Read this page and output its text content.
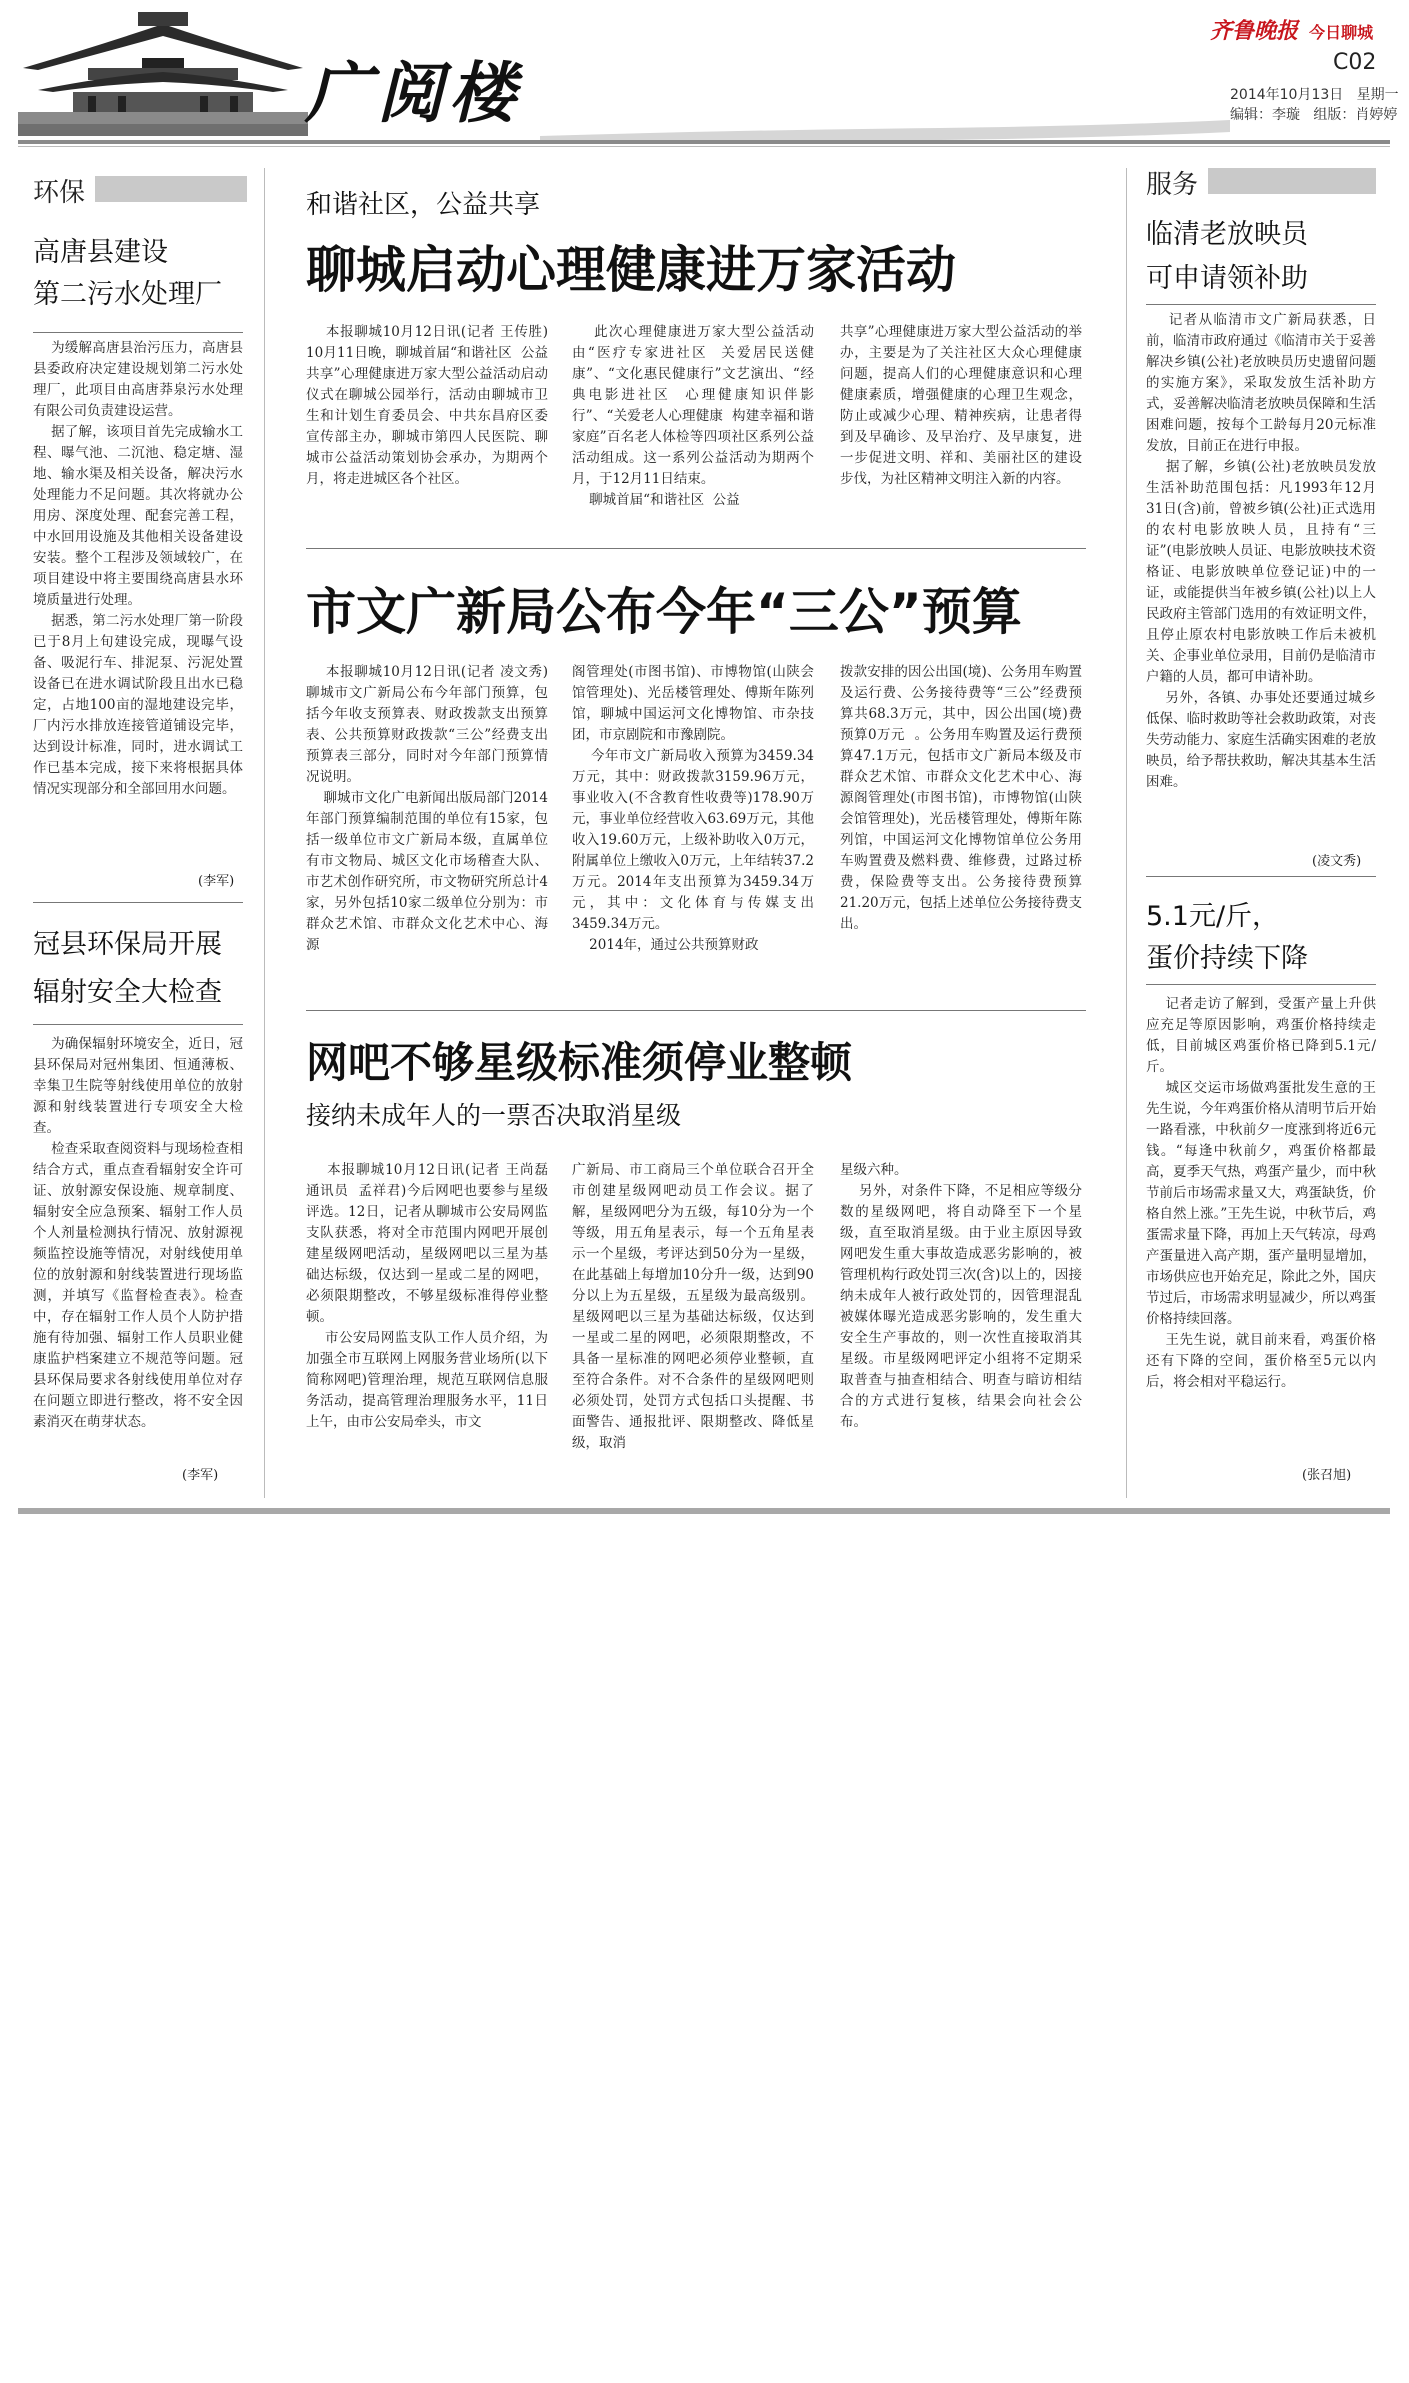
广阅楼
齐鲁晚报 今日聊城
C02
2014年10月13日   星期一
编辑：李璇   组版：肖婷婷
环保
高唐县建设
第二污水处理厂

为缓解高唐县治污压力，高唐县县委政府决定建设规划第二污水处理厂，此项目由高唐莽泉污水处理有限公司负责建设运营。
据了解，该项目首先完成输水工程、曝气池、二沉池、稳定塘、湿地、输水渠及相关设备，解决污水处理能力不足问题。其次将就办公用房、深度处理、配套完善工程，中水回用设施及其他相关设备建设安装。整个工程涉及领域较广，在项目建设中将主要围绕高唐县水环境质量进行处理。
据悉，第二污水处理厂第一阶段已于8月上旬建设完成，现曝气设备、吸泥行车、排泥泵、污泥处置设备已在进水调试阶段且出水已稳定，占地100亩的湿地建设完毕，厂内污水排放连接管道铺设完毕，达到设计标准，同时，进水调试工作已基本完成，接下来将根据具体情况实现部分和全部回用水问题。

(李军)
冠县环保局开展
辐射安全大检查

为确保辐射环境安全，近日，冠县环保局对冠州集团、恒通薄板、幸集卫生院等射线使用单位的放射源和射线装置进行专项安全大检查。
检查采取查阅资料与现场检查相结合方式，重点查看辐射安全许可证、放射源安保设施、规章制度、辐射安全应急预案、辐射工作人员个人剂量检测执行情况、放射源视频监控设施等情况，对射线使用单位的放射源和射线装置进行现场监测，并填写《监督检查表》。检查中，存在辐射工作人员个人防护措施有待加强、辐射工作人员职业健康监护档案建立不规范等问题。冠县环保局要求各射线使用单位对存在问题立即进行整改，将不安全因素消灭在萌芽状态。

(李军)
服务
临清老放映员
可申请领补助

记者从临清市文广新局获悉，日前，临清市政府通过《临清市关于妥善解决乡镇(公社)老放映员历史遗留问题的实施方案》，采取发放生活补助方式，妥善解决临清老放映员保障和生活困难问题，按每个工龄每月20元标准发放，目前正在进行申报。
据了解，乡镇(公社)老放映员发放生活补助范围包括：凡1993年12月31日(含)前，曾被乡镇(公社)正式选用的农村电影放映人员，且持有“三证”(电影放映人员证、电影放映技术资格证、电影放映单位登记证)中的一证，或能提供当年被乡镇(公社)以上人民政府主管部门选用的有效证明文件，且停止原农村电影放映工作后未被机关、企事业单位录用，目前仍是临清市户籍的人员，都可申请补助。
另外，各镇、办事处还要通过城乡低保、临时救助等社会救助政策，对丧失劳动能力、家庭生活确实困难的老放映员，给予帮扶救助，解决其基本生活困难。

(凌文秀)
5.1元/斤，
蛋价持续下降

记者走访了解到，受蛋产量上升供应充足等原因影响，鸡蛋价格持续走低，目前城区鸡蛋价格已降到5.1元/斤。
城区交运市场做鸡蛋批发生意的王先生说，今年鸡蛋价格从清明节后开始一路看涨，中秋前夕一度涨到将近6元钱。“每逢中秋前夕，鸡蛋价格都最高，夏季天气热，鸡蛋产量少，而中秋节前后市场需求量又大，鸡蛋缺货，价格自然上涨。”王先生说，中秋节后，鸡蛋需求量下降，再加上天气转凉，母鸡产蛋量进入高产期，蛋产量明显增加，市场供应也开始充足，除此之外，国庆节过后，市场需求明显减少，所以鸡蛋价格持续回落。
王先生说，就目前来看，鸡蛋价格还有下降的空间，蛋价格至5元以内后，将会相对平稳运行。

(张召旭)
和谐社区，公益共享
聊城启动心理健康进万家活动

本报聊城10月12日讯(记者 王传胜)  10月11日晚，聊城首届“和谐社区  公益共享”心理健康进万家大型公益活动启动仪式在聊城公园举行，活动由聊城市卫生和计划生育委员会、中共东昌府区委宣传部主办，聊城市第四人民医院、聊城市公益活动策划协会承办，为期两个月，将走进城区各个社区。

此次心理健康进万家大型公益活动由“医疗专家进社区  关爱居民送健康”、“文化惠民健康行”文艺演出、“经典电影进社区  心理健康知识伴影行”、“关爱老人心理健康  构建幸福和谐家庭”百名老人体检等四项社区系列公益活动组成。这一系列公益活动为期两个月，于12月11日结束。
聊城首届“和谐社区  公益

共享”心理健康进万家大型公益活动的举办，主要是为了关注社区大众心理健康问题，提高人们的心理健康意识和心理健康素质，增强健康的心理卫生观念，防止或减少心理、精神疾病，让患者得到及早确诊、及早治疗、及早康复，进一步促进文明、祥和、美丽社区的建设步伐，为社区精神文明注入新的内容。

市文广新局公布今年“三公”预算

本报聊城10月12日讯(记者 凌文秀)  聊城市文广新局公布今年部门预算，包括今年收支预算表、财政拨款支出预算表、公共预算财政拨款“三公”经费支出预算表三部分，同时对今年部门预算情况说明。
聊城市文化广电新闻出版局部门2014年部门预算编制范围的单位有15家，包括一级单位市文广新局本级，直属单位有市文物局、城区文化市场稽查大队、市艺术创作研究所，市文物研究所总计4家，另外包括10家二级单位分别为：市群众艺术馆、市群众文化艺术中心、海源

阁管理处(市图书馆)、市博物馆(山陕会馆管理处)、光岳楼管理处、傅斯年陈列馆，聊城中国运河文化博物馆、市杂技团，市京剧院和市豫剧院。
今年市文广新局收入预算为3459.34万元，其中：财政拨款3159.96万元，事业收入(不含教育性收费等)178.90万元，事业单位经营收入63.69万元，其他收入19.60万元，上级补助收入0万元，附属单位上缴收入0万元，上年结转37.2万元。2014年支出预算为3459.34万元，其中：文化体育与传媒支出3459.34万元。
2014年，通过公共预算财政

拨款安排的因公出国(境)、公务用车购置及运行费、公务接待费等“三公”经费预算共68.3万元，其中，因公出国(境)费预算0万元  。公务用车购置及运行费预算47.1万元，包括市文广新局本级及市群众艺术馆、市群众文化艺术中心、海源阁管理处(市图书馆)，市博物馆(山陕会馆管理处)，光岳楼管理处，傅斯年陈列馆，中国运河文化博物馆单位公务用车购置费及燃料费、维修费，过路过桥费，保险费等支出。公务接待费预算21.20万元，包括上述单位公务接待费支出。

网吧不够星级标准须停业整顿
接纳未成年人的一票否决取消星级

本报聊城10月12日讯(记者 王尚磊  通讯员  孟祥君)今后网吧也要参与星级评选。12日，记者从聊城市公安局网监支队获悉，将对全市范围内网吧开展创建星级网吧活动，星级网吧以三星为基础达标级，仅达到一星或二星的网吧，必须限期整改，不够星级标准得停业整顿。
市公安局网监支队工作人员介绍，为加强全市互联网上网服务营业场所(以下简称网吧)管理治理，规范互联网信息服务活动，提高管理治理服务水平，11日上午，由市公安局牵头，市文

广新局、市工商局三个单位联合召开全市创建星级网吧动员工作会议。据了解，星级网吧分为五级，每10分为一个等级，用五角星表示，每一个五角星表示一个星级，考评达到50分为一星级，在此基础上每增加10分升一级，达到90分以上为五星级，五星级为最高级别。星级网吧以三星为基础达标级，仅达到一星或二星的网吧，必须限期整改，不具备一星标准的网吧必须停业整顿，直至符合条件。对不合条件的星级网吧则必须处罚，处罚方式包括口头提醒、书面警告、通报批评、限期整改、降低星级，取消

星级六种。
另外，对条件下降，不足相应等级分数的星级网吧，将自动降至下一个星级，直至取消星级。由于业主原因导致网吧发生重大事故造成恶劣影响的，被管理机构行政处罚三次(含)以上的，因接纳未成年人被行政处罚的，因管理混乱被媒体曝光造成恶劣影响的，发生重大安全生产事故的，则一次性直接取消其星级。市星级网吧评定小组将不定期采取普查与抽查相结合、明查与暗访相结合的方式进行复核，结果会向社会公布。
